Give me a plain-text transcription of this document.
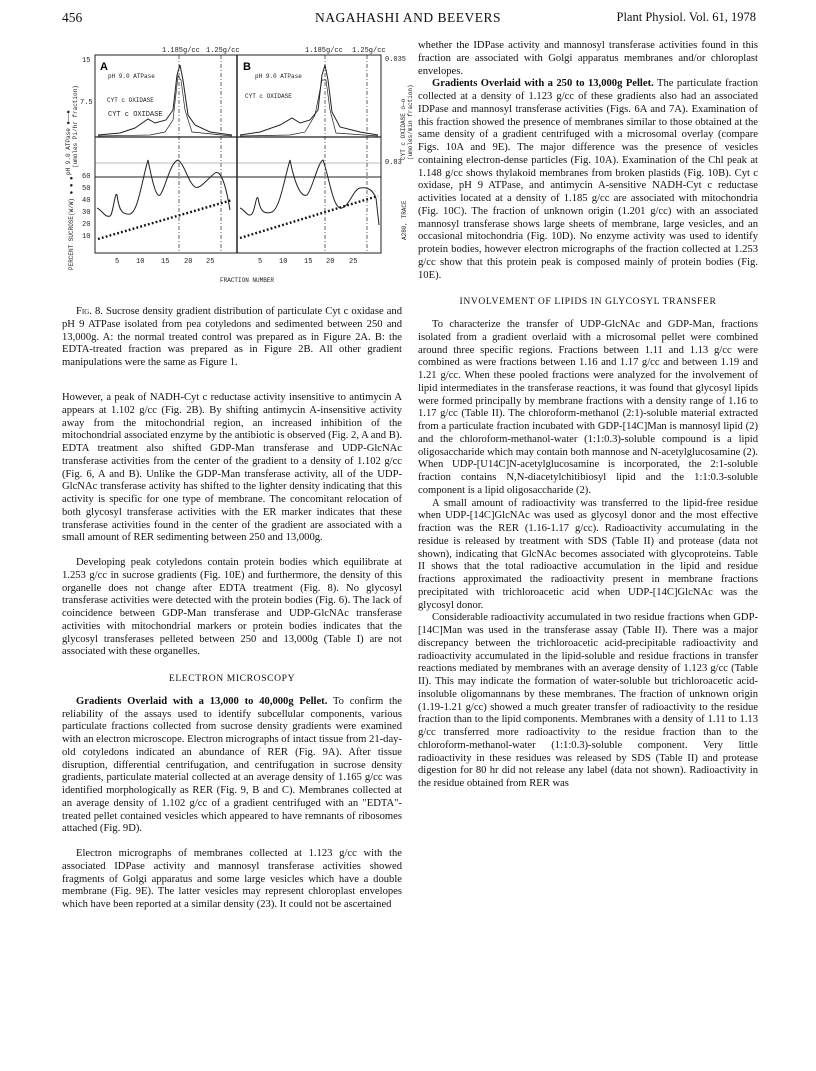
456	NAGAHASHI AND BEEVERS	Plant Physiol. Vol. 61, 1978
1.185g/cc 1.25g/cc	1.185g/cc 1.25g/cc
15
7.5
0.035
0.83
CYT c OXIDASE
CYT c OXIDASE
pH 9.0 ATPase	pH 9.0 ATPase
CYT c OXIDASE
10
20
30
40
50
60
5 10 15 20 25	5 10 15 20 25
FRACTION NUMBER
pH 9.0 ATPase ●——● (umoles Pi/hr fraction)
PERCENT SUCROSE(W/W) ● ● ●
CYT c OXIDASE o—o (umoles/min fraction)
A280, TRACE
A	B
Fig. 8. Sucrose density gradient distribution of particulate Cyt c oxidase and pH 9 ATPase isolated from pea cotyledons and sedimented between 250 and 13,000g. A: the normal treated control was prepared as in Figure 2A. B: the EDTA-treated fraction was prepared as in Figure 2B. All other gradient manipulations were the same as Figure 1.

However, a peak of NADH-Cyt c reductase activity insensitive to antimycin A appears at 1.102 g/cc (Fig. 2B). By shifting antimycin A-insensitive activity away from the mitochondrial region, an increased inhibition of the mitochondrial associated enzyme by the antibiotic is observed (Fig. 2, A and B). EDTA treatment also shifted GDP-Man transferase and UDP-GlcNAc transferase activities from the center of the gradient to a density of 1.102 g/cc (Fig. 6, A and B). Unlike the GDP-Man transferase activity, all of the UDP-GlcNAc transferase activity has shifted to the lighter density indicating that this activity is specific for one type of membrane. The concomitant relocation of both glycosyl transferase activities with the ER marker indicates that these transferase activities found in the center of the gradient are associated with a small amount of RER sedimenting between 250 and 13,000g.

Developing peak cotyledons contain protein bodies which equilibrate at 1.253 g/cc in sucrose gradients (Fig. 10E) and furthermore, the density of this organelle does not change after EDTA treatment (Fig. 8). No glycosyl transferase activities were detected with the protein bodies (Fig. 6). The lack of coincidence between GDP-Man transferase and UDP-GlcNAc transferase activities with mitochondrial markers or protein bodies indicates that the glycosyl transferases pelleted between 250 and 13,000g (Table I) are not associated with these organelles.

ELECTRON MICROSCOPY

Gradients Overlaid with a 13,000 to 40,000g Pellet. To confirm the reliability of the assays used to identify subcellular components, various particulate fractions collected from sucrose density gradients were examined with an electron microscope. Electron micrographs of intact tissue from 21-day-old cotyledons indicated an abundance of RER (Fig. 9A). After tissue disruption, differential centrifugation, and centrifugation in sucrose density gradients, particulate material collected at an average density of 1.165 g/cc was identified morphologically as RER (Fig. 9, B and C). Membranes collected at an average density of 1.102 g/cc of a gradient centrifuged with an "EDTA"-treated pellet contained vesicles which appeared to have remnants of ribosomes attached (Fig. 9D).

Electron micrographs of membranes collected at 1.123 g/cc with the associated IDPase activity and mannosyl transferase activities showed fragments of Golgi apparatus and some large vesicles which have a double membrane (Fig. 9E). The latter vesicles may represent chloroplast envelopes which have been reported at a similar density (23). It could not be ascertained

whether the IDPase activity and mannosyl transferase activities found in this fraction are associated with Golgi apparatus membranes and/or chloroplast envelopes.

Gradients Overlaid with a 250 to 13,000g Pellet. The particulate fraction collected at a density of 1.123 g/cc of these gradients also had an associated IDPase and mannosyl transferase activities (Figs. 6A and 7A). Examination of this fraction showed the presence of membranes similar to those obtained at the same density of a gradient centrifuged with a microsomal overlay (compare Figs. 10A and 9E). The major difference was the presence of vesicles containing electron-dense particles (Fig. 10A). Examination of the Chl peak at 1.148 g/cc shows thylakoid membranes from broken plastids (Fig. 10B). Cyt c oxidase, pH 9 ATPase, and antimycin A-sensitive NADH-Cyt c reductase activities located at a density of 1.185 g/cc are associated with mitochondria (Fig. 10C). The fraction of unknown origin (1.201 g/cc) with an associated mannosyl transferase shows large sheets of membrane, large vesicles, and an occasional mitochondria (Fig. 10D). No enzyme activity was used to identify protein bodies, however electron micrographs of the fraction collected at 1.253 g/cc show that this protein peak is composed mainly of protein bodies (Fig. 10E).

INVOLVEMENT OF LIPIDS IN GLYCOSYL TRANSFER

To characterize the transfer of UDP-GlcNAc and GDP-Man, fractions isolated from a gradient overlaid with a microsomal pellet were combined around three specific regions. Fractions between 1.11 and 1.13 g/cc were combined as were fractions between 1.16 and 1.17 g/cc and between 1.19 and 1.21 g/cc. When these pooled fractions were analyzed for the involvement of lipid intermediates in the transferase reactions, it was found that glycosyl lipids were formed principally by membrane fractions with a density range of 1.16 to 1.17 g/cc (Table II). The chloroform-methanol (2:1)-soluble material extracted from a particulate fraction incubated with GDP-[14C]Man is mannosyl lipid (2) and the chloroform-methanol-water (1:1:0.3)-soluble compound is a lipid oligosaccharide which may contain both mannose and N-acetylglucosamine (2). When UDP-[U14C]N-acetylglucosamine is incorporated, the 2:1-soluble fraction contains N,N-diacetylchitibiosyl lipid and the 1:1:0.3-soluble component is a lipid oligosaccharide (2).

A small amount of radioactivity was transferred to the lipid-free residue when UDP-[14C]GlcNAc was used as glycosyl donor and the most effective fraction was the RER (1.16-1.17 g/cc). Radioactivity accumulating in the residue is released by treatment with SDS (Table II) and protease (data not shown), indicating that GlcNAc becomes associated with glycoproteins. Table II shows that the total radioactive accumulation in the lipid and residue fractions approximated the radioactivity present in membrane fractions precipitated with trichloroacetic acid when UDP-[14C]GlcNAc was the glycosyl donor.

Considerable radioactivity accumulated in two residue fractions when GDP-[14C]Man was used in the transferase assay (Table II). There was a major discrepancy between the trichloroacetic acid-precipitable radioactivity and radioactivity accumulated in the lipid-soluble and residue fractions in transfer reactions mediated by membranes with an average density of 1.123 g/cc (Table II). This may indicate the formation of water-soluble but trichloroacetic acid-insoluble oligomannans by these membranes. The fraction of unknown origin (1.19-1.21 g/cc) showed a much greater transfer of radioactivity to the residue fraction than to the lipid components. Membranes with a density of 1.11 to 1.13 g/cc transferred more radioactivity to the residue fraction than to the chloroform-methanol-water (1:1:0.3)-soluble component. Very little radioactivity in these residues was released by SDS (Table II) and protease digestion for 80 hr did not release any label (data not shown). Radioactivity in the residue obtained from RER was
